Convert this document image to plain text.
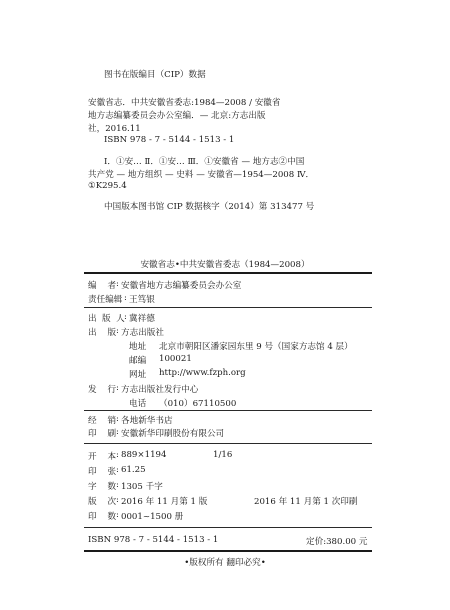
图书在版编目（CIP）数据
安徽省志．中共安徽省委志:1984—2008 / 安徽省
地方志编纂委员会办公室编．— 北京:方志出版
社，2016.11
ISBN 978 - 7 - 5144 - 1513 - 1
Ⅰ．①安… Ⅱ．①安… Ⅲ．①安徽省 — 地方志②中国
共产党 — 地方组织 — 史料 — 安徽省—1954—2008 Ⅳ．
①K295.4
中国版本图书馆 CIP 数据核字（2014）第 313477 号
安徽省志•中共安徽省委志（1984—2008）
编    者 : 安徽省地方志编纂委员会办公室
责任编辑 : 王笃银
出  版  人 : 冀祥德
出    版 : 方志出版社
地址 北京市朝阳区潘家园东里 9 号（国家方志馆 4 层）
邮编 100021
网址 http://www.fzph.org
发    行 : 方志出版社发行中心
电话 （010）67110500
经    销 : 各地新华书店
印    刷 : 安徽新华印刷股份有限公司
开    本 : 889×1194	1/16
印    张 : 61.25
字    数 : 1305 千字
版    次 : 2016 年 11 月第 1 版	2016 年 11 月第 1 次印刷
印    数 : 0001~1500 册
ISBN 978 - 7 - 5144 - 1513 - 1	定价:380.00 元
•版权所有 翻印必究•
